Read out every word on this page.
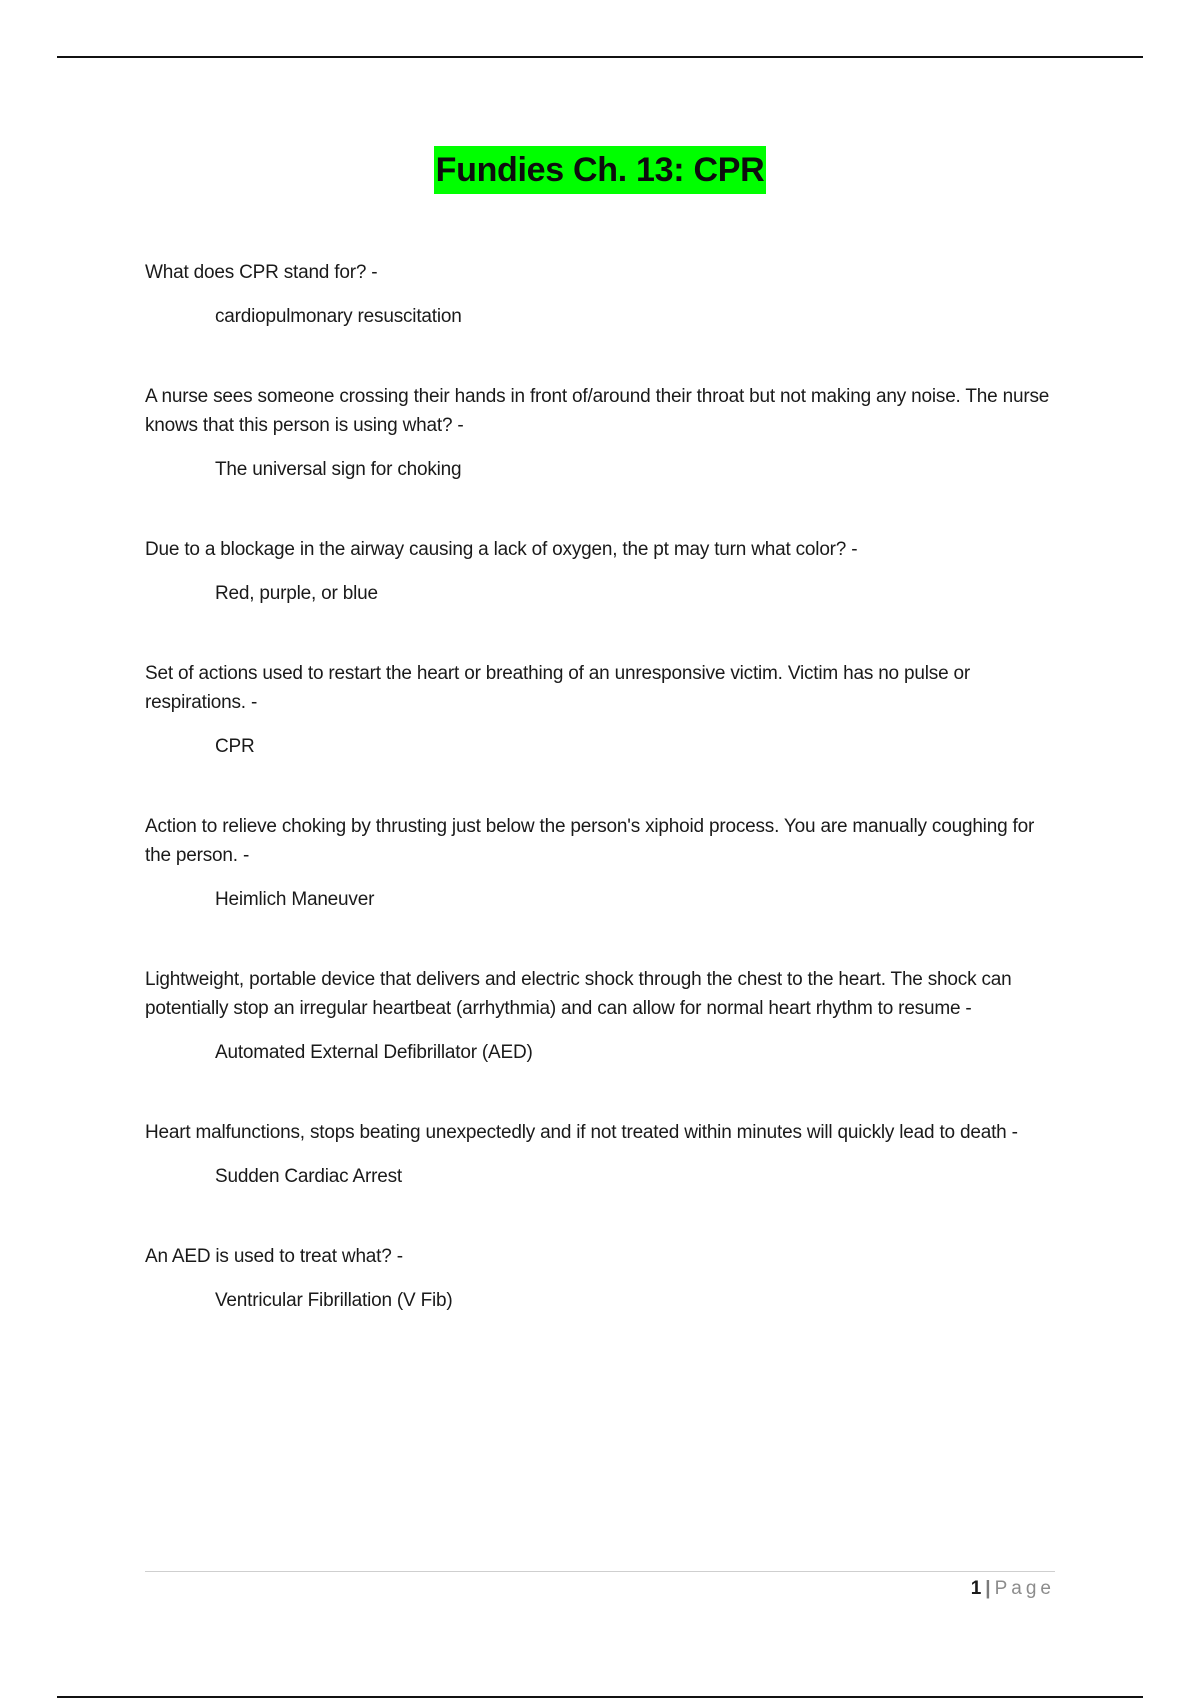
Fundies Ch. 13: CPR

What does CPR stand for? -

cardiopulmonary resuscitation

A nurse sees someone crossing their hands in front of/around their throat but not making any noise. The nurse knows that this person is using what? -

The universal sign for choking

Due to a blockage in the airway causing a lack of oxygen, the pt may turn what color? -

Red, purple, or blue

Set of actions used to restart the heart or breathing of an unresponsive victim. Victim has no pulse or respirations. -

CPR

Action to relieve choking by thrusting just below the person's xiphoid process. You are manually coughing for the person. -

Heimlich Maneuver

Lightweight, portable device that delivers and electric shock through the chest to the heart. The shock can potentially stop an irregular heartbeat (arrhythmia) and can allow for normal heart rhythm to resume -

Automated External Defibrillator (AED)

Heart malfunctions, stops beating unexpectedly and if not treated within minutes will quickly lead to death -

Sudden Cardiac Arrest

An AED is used to treat what? -

Ventricular Fibrillation (V Fib)

1 | Page
